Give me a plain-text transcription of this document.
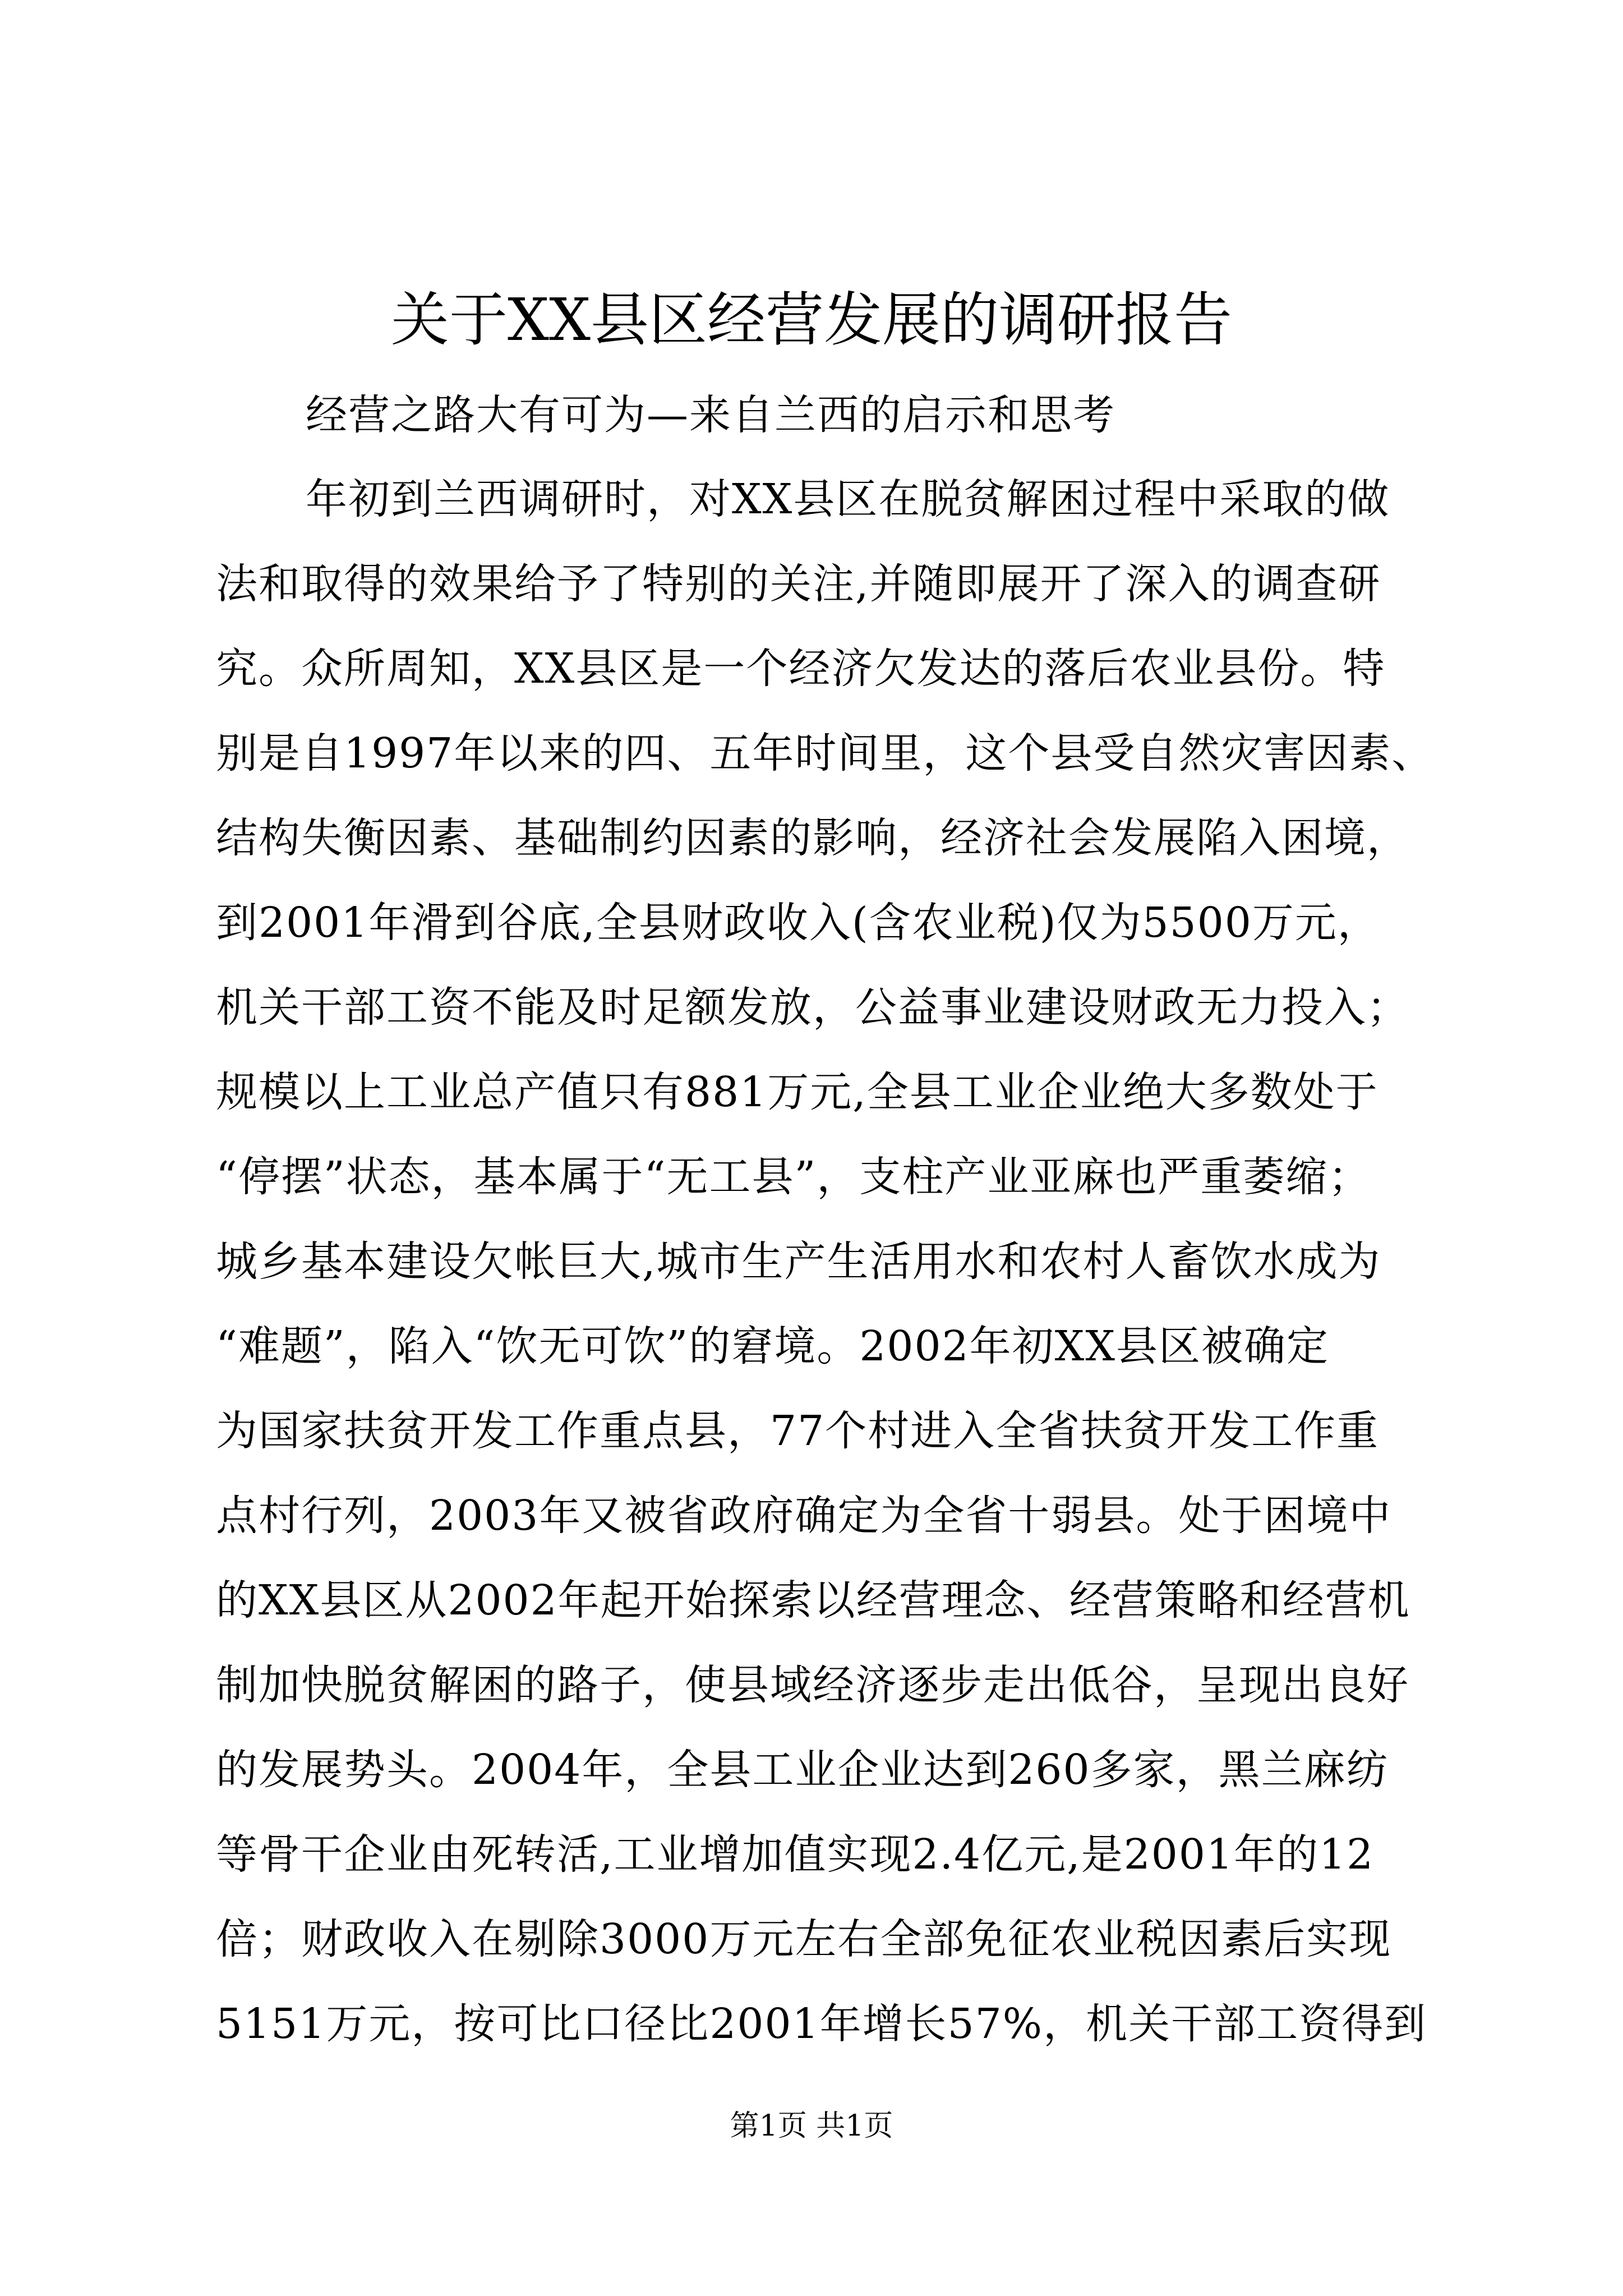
关于XX县区经营发展的调研报告

经营之路大有可为—来自兰西的启示和思考

年初到兰西调研时，对XX县区在脱贫解困过程中采取的做
法和取得的效果给予了特别的关注,并随即展开了深入的调查研
究。众所周知，XX县区是一个经济欠发达的落后农业县份。特
别是自1997年以来的四、五年时间里，这个县受自然灾害因素、
结构失衡因素、基础制约因素的影响，经济社会发展陷入困境，
到2001年滑到谷底,全县财政收入(含农业税)仅为5500万元，
机关干部工资不能及时足额发放，公益事业建设财政无力投入；
规模以上工业总产值只有881万元,全县工业企业绝大多数处于
“停摆”状态，基本属于“无工县”，支柱产业亚麻也严重萎缩；
城乡基本建设欠帐巨大,城市生产生活用水和农村人畜饮水成为
“难题”，陷入“饮无可饮”的窘境。2002年初XX县区被确定
为国家扶贫开发工作重点县，77个村进入全省扶贫开发工作重
点村行列，2003年又被省政府确定为全省十弱县。处于困境中
的XX县区从2002年起开始探索以经营理念、经营策略和经营机
制加快脱贫解困的路子，使县域经济逐步走出低谷，呈现出良好
的发展势头。2004年，全县工业企业达到260多家，黑兰麻纺
等骨干企业由死转活,工业增加值实现2.4亿元,是2001年的12
倍；财政收入在剔除3000万元左右全部免征农业税因素后实现
5151万元，按可比口径比2001年增长57%，机关干部工资得到
第1页 共1页
